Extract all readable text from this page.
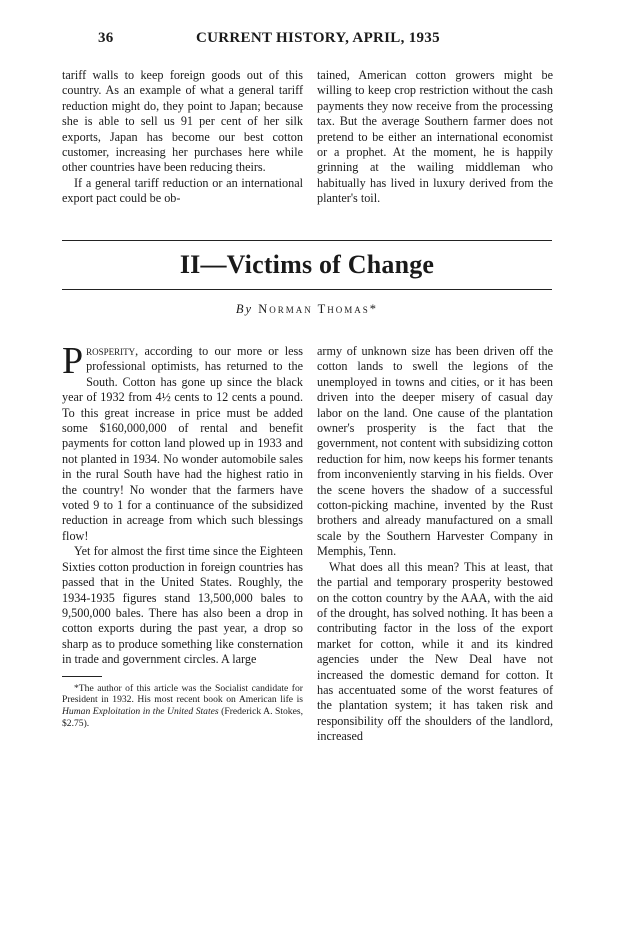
36	CURRENT HISTORY, APRIL, 1935

tariff walls to keep foreign goods out of this country. As an example of what a general tariff reduction might do, they point to Japan; because she is able to sell us 91 per cent of her silk exports, Japan has become our best cotton customer, increasing her purchases here while other countries have been reducing theirs.

If a general tariff reduction or an international export pact could be ob-

tained, American cotton growers might be willing to keep crop restriction without the cash payments they now receive from the processing tax. But the average Southern farmer does not pretend to be either an international economist or a prophet. At the moment, he is happily grinning at the wailing middleman who habitually has lived in luxury derived from the planter's toil.

II—Victims of Change
By Norman Thomas*

Prosperity, according to our more or less professional optimists, has returned to the South. Cotton has gone up since the black year of 1932 from 4½ cents to 12 cents a pound. To this great increase in price must be added some $160,000,000 of rental and benefit payments for cotton land plowed up in 1933 and not planted in 1934. No wonder automobile sales in the rural South have had the highest ratio in the country! No wonder that the farmers have voted 9 to 1 for a continuance of the subsidized reduction in acreage from which such blessings flow!

Yet for almost the first time since the Eighteen Sixties cotton production in foreign countries has passed that in the United States. Roughly, the 1934-1935 figures stand 13,500,000 bales to 9,500,000 bales. There has also been a drop in cotton exports during the past year, a drop so sharp as to produce something like consternation in trade and government circles. A large

*The author of this article was the Socialist candidate for President in 1932. His most recent book on American life is Human Exploitation in the United States (Frederick A. Stokes, $2.75).

army of unknown size has been driven off the cotton lands to swell the legions of the unemployed in towns and cities, or it has been driven into the deeper misery of casual day labor on the land. One cause of the plantation owner's prosperity is the fact that the government, not content with subsidizing cotton reduction for him, now keeps his former tenants from inconveniently starving in his fields. Over the scene hovers the shadow of a successful cotton-picking machine, invented by the Rust brothers and already manufactured on a small scale by the Southern Harvester Company in Memphis, Tenn.

What does all this mean? This at least, that the partial and temporary prosperity bestowed on the cotton country by the AAA, with the aid of the drought, has solved nothing. It has been a contributing factor in the loss of the export market for cotton, while it and its kindred agencies under the New Deal have not increased the domestic demand for cotton. It has accentuated some of the worst features of the plantation system; it has taken risk and responsibility off the shoulders of the landlord, increased
